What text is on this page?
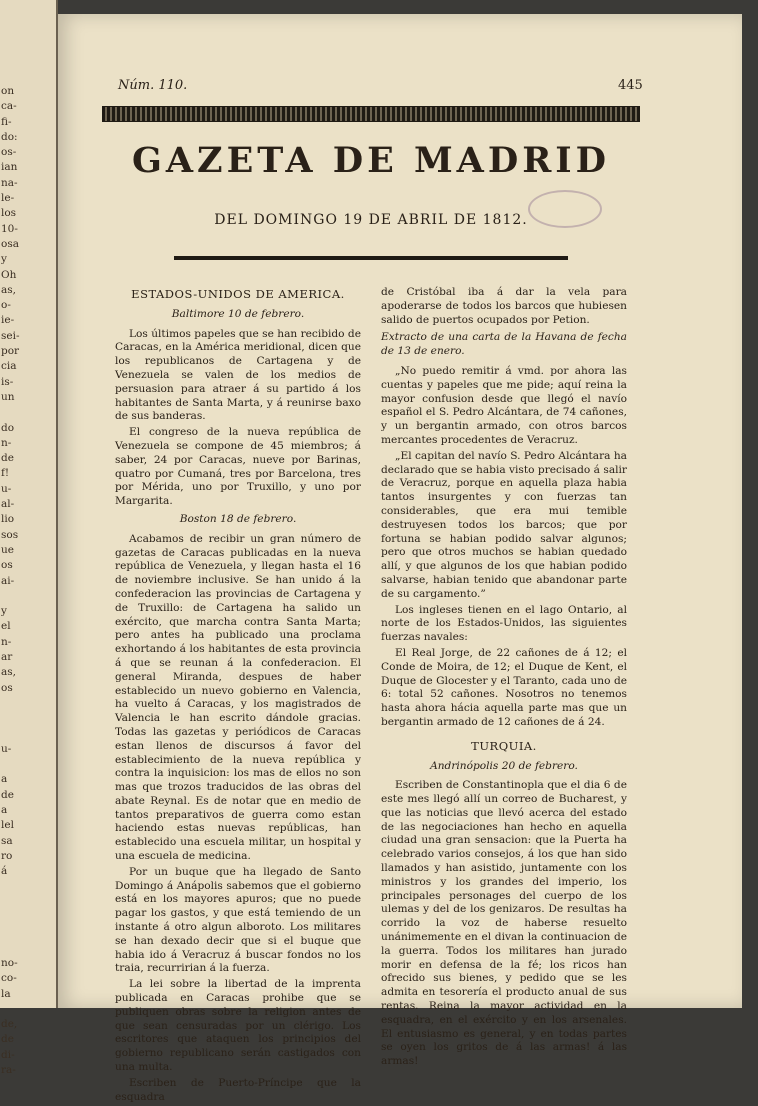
on
ca-
fi-
do:
os-
ian
na-
le-
los
10-
osa
y
Oh
as,
o-
ie-
sei-
por
cia
is-
un

do
n-
de
f!
u-
al-
lio
sos
ue
os
ai-

y
el
n-
ar
as,
os

u-

a
de
a
lel
sa
ro
á

no-
co-
la

de,
de
di-
ra-
Núm. 110.	445
GAZETA DE MADRID
DEL DOMINGO 19 DE ABRIL DE 1812.
ESTADOS-UNIDOS DE AMERICA.
Baltimore 10 de febrero.

Los últimos papeles que se han recibido de Caracas, en la América meridional, dicen que los republicanos de Cartagena y de Venezuela se valen de los medios de persuasion para atraer á su partido á los habitantes de Santa Marta, y á reunirse baxo de sus banderas.

El congreso de la nueva república de Venezuela se compone de 45 miembros; á saber, 24 por Caracas, nueve por Barinas, quatro por Cumaná, tres por Barcelona, tres por Mérida, uno por Truxillo, y uno por Margarita.

Boston 18 de febrero.

Acabamos de recibir un gran número de gazetas de Caracas publicadas en la nueva república de Venezuela, y llegan hasta el 16 de noviembre inclusive. Se han unido á la confederacion las provincias de Cartagena y de Truxillo: de Cartagena ha salido un exército, que marcha contra Santa Marta; pero antes ha publicado una proclama exhortando á los habitantes de esta provincia á que se reunan á la confederacion. El general Miranda, despues de haber establecido un nuevo gobierno en Valencia, ha vuelto á Caracas, y los magistrados de Valencia le han escrito dándole gracias. Todas las gazetas y periódicos de Caracas estan llenos de discursos á favor del establecimiento de la nueva república y contra la inquisicion: los mas de ellos no son mas que trozos traducidos de las obras del abate Reynal. Es de notar que en medio de tantos preparativos de guerra como estan haciendo estas nuevas repúblicas, han establecido una escuela militar, un hospital y una escuela de medicina.

Por un buque que ha llegado de Santo Domingo á Anápolis sabemos que el gobierno está en los mayores apuros; que no puede pagar los gastos, y que está temiendo de un instante á otro algun alboroto. Los militares se han dexado decir que si el buque que habia ido á Veracruz á buscar fondos no los traia, recurririan á la fuerza.

La lei sobre la libertad de la imprenta publicada en Caracas prohibe que se publiquen obras sobre la religion antes de que sean censuradas por un clérigo. Los escritores que ataquen los principios del gobierno republicano serán castigados con una multa.

Escriben de Puerto-Príncipe que la esquadra

de Cristóbal iba á dar la vela para apoderarse de todos los barcos que hubiesen salido de puertos ocupados por Petion.

Extracto de una carta de la Havana de fecha de 13 de enero.

„No puedo remitir á vmd. por ahora las cuentas y papeles que me pide; aquí reina la mayor confusion desde que llegó el navío español el S. Pedro Alcántara, de 74 cañones, y un bergantin armado, con otros barcos mercantes procedentes de Veracruz.

„El capitan del navío S. Pedro Alcántara ha declarado que se habia visto precisado á salir de Veracruz, porque en aquella plaza habia tantos insurgentes y con fuerzas tan considerables, que era mui temible destruyesen todos los barcos; que por fortuna se habian podido salvar algunos; pero que otros muchos se habian quedado allí, y que algunos de los que habian podido salvarse, habian tenido que abandonar parte de su cargamento.”

Los ingleses tienen en el lago Ontario, al norte de los Estados-Unidos, las siguientes fuerzas navales:

El Real Jorge, de 22 cañones de á 12; el Conde de Moira, de 12; el Duque de Kent, el Duque de Glocester y el Taranto, cada uno de 6: total 52 cañones. Nosotros no tenemos hasta ahora hácia aquella parte mas que un bergantin armado de 12 cañones de á 24.

TURQUIA.
Andrinópolis 20 de febrero.

Escriben de Constantinopla que el dia 6 de este mes llegó allí un correo de Bucharest, y que las noticias que llevó acerca del estado de las negociaciones han hecho en aquella ciudad una gran sensacion: que la Puerta ha celebrado varios consejos, á los que han sido llamados y han asistido, juntamente con los ministros y los grandes del imperio, los principales personages del cuerpo de los ulemas y del de los genizaros. De resultas ha corrido la voz de haberse resuelto unánimemente en el divan la continuacion de la guerra. Todos los militares han jurado morir en defensa de la fé; los ricos han ofrecido sus bienes, y pedido que se les admita en tesorería el producto anual de sus rentas. Reina la mayor actividad en la esquadra, en el exército y en los arsenales. El entusiasmo es general, y en todas partes se oyen los gritos de á las armas! á las armas!
